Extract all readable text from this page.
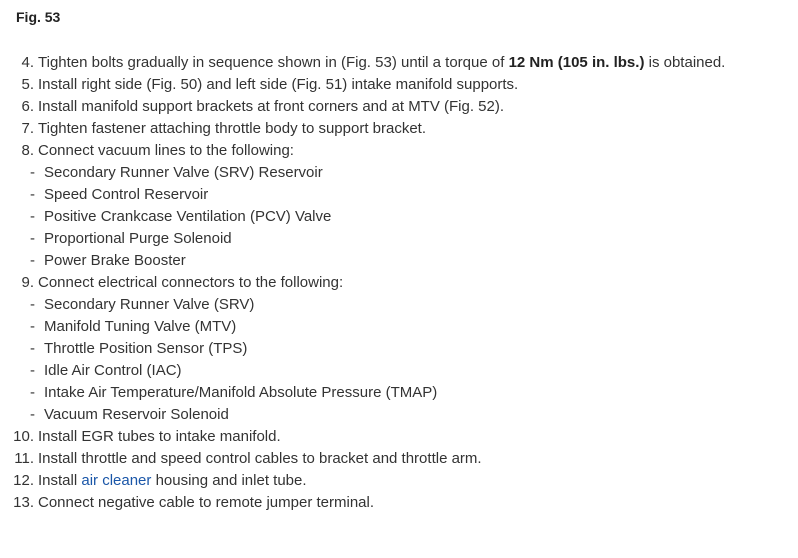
Fig. 53
4. Tighten bolts gradually in sequence shown in (Fig. 53) until a torque of 12 Nm (105 in. lbs.) is obtained.
5. Install right side (Fig. 50) and left side (Fig. 51) intake manifold supports.
6. Install manifold support brackets at front corners and at MTV (Fig. 52).
7. Tighten fastener attaching throttle body to support bracket.
8. Connect vacuum lines to the following:
- Secondary Runner Valve (SRV) Reservoir
- Speed Control Reservoir
- Positive Crankcase Ventilation (PCV) Valve
- Proportional Purge Solenoid
- Power Brake Booster
9. Connect electrical connectors to the following:
- Secondary Runner Valve (SRV)
- Manifold Tuning Valve (MTV)
- Throttle Position Sensor (TPS)
- Idle Air Control (IAC)
- Intake Air Temperature/Manifold Absolute Pressure (TMAP)
- Vacuum Reservoir Solenoid
10. Install EGR tubes to intake manifold.
11. Install throttle and speed control cables to bracket and throttle arm.
12. Install air cleaner housing and inlet tube.
13. Connect negative cable to remote jumper terminal.
